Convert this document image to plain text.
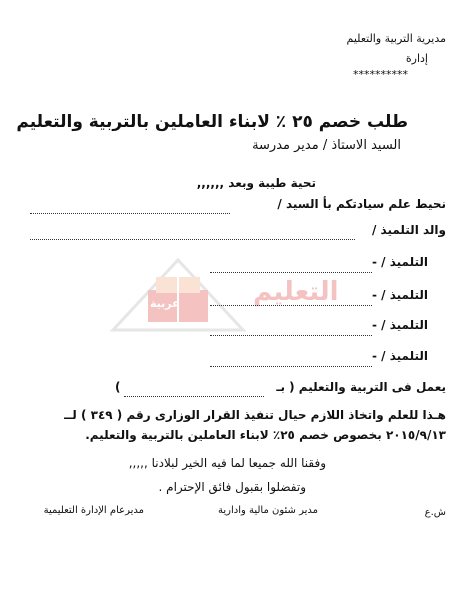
عربية	التعليم
مديرية التربية والتعليم
إدارة
**********
طلب خصم ٢٥ ٪ لابناء العاملين بالتربية والتعليم
السيد الاستاذ / مدير مدرسة
تحية طيبة وبعد ,,,,,,
نحيط علم سيادتكم بأ السيد /
والد التلميذ /
التلميذ / -
التلميذ / -
التلميذ / -
التلميذ / -
يعمل فى التربية والتعليم ( بـ
)
هـذا للعلم واتخاذ اللازم حيال تنفيذ القرار الوزارى رقم ( ٣٤٩ ) لــ
٢٠١٥/٩/١٣ بخصوص خصم ٢٥٪ لابناء العاملين بالتربية والتعليم.
وفقنا الله جميعا لما فيه الخير لبلادنا ,,,,,
وتفضلوا بقبول فائق الإحترام .
ش.ع
مدير شئون مالية وادارية
مديرعام الإدارة التعليمية
